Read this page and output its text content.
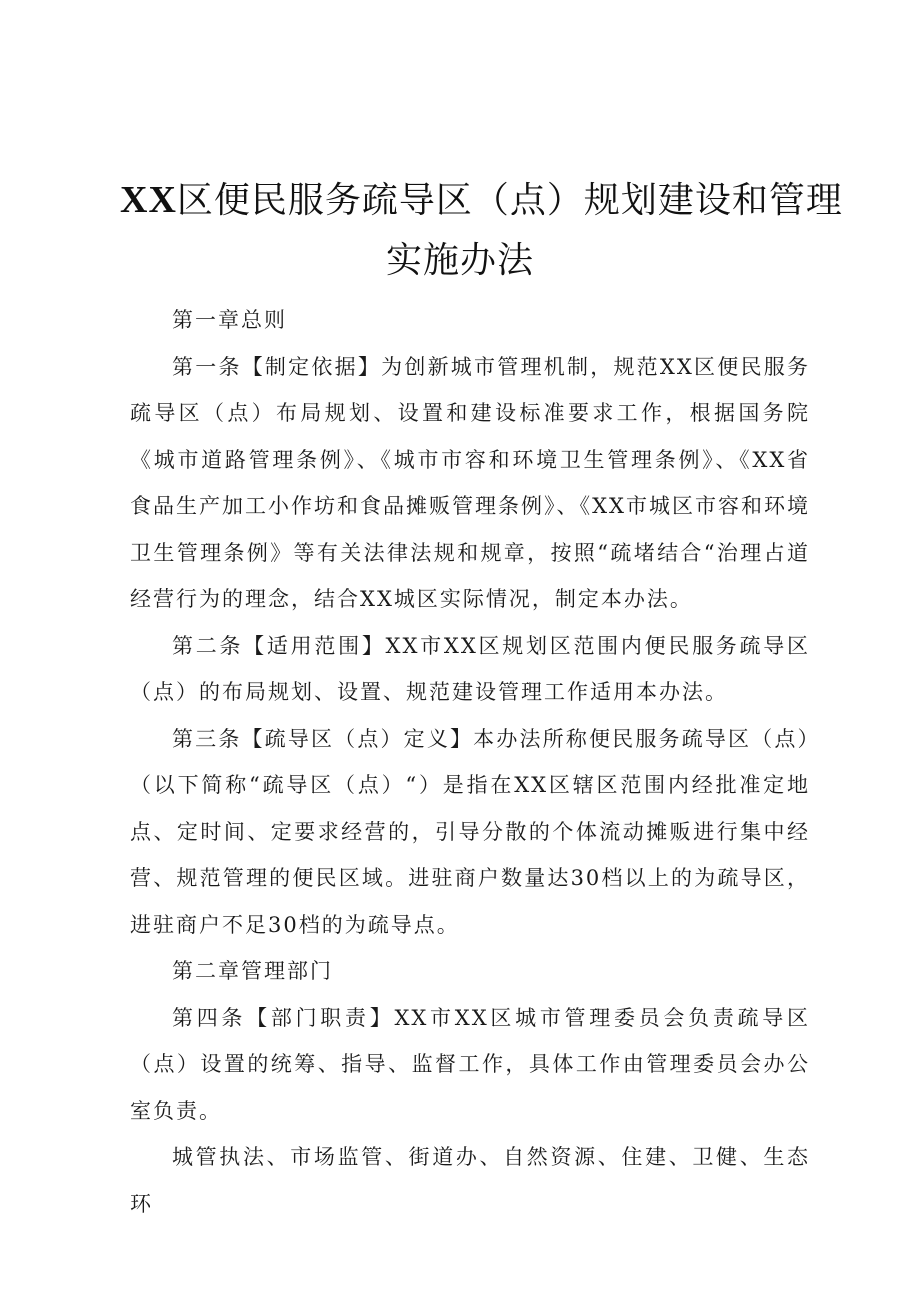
XX区便民服务疏导区（点）规划建设和管理
实施办法

第一章总则

第一条【制定依据】为创新城市管理机制，规范XX区便民服务疏导区（点）布局规划、设置和建设标准要求工作，根据国务院《城市道路管理条例》、《城市市容和环境卫生管理条例》、《XX省食品生产加工小作坊和食品摊贩管理条例》、《XX市城区市容和环境卫生管理条例》等有关法律法规和规章，按照“疏堵结合“治理占道经营行为的理念，结合XX城区实际情况，制定本办法。

第二条【适用范围】XX市XX区规划区范围内便民服务疏导区（点）的布局规划、设置、规范建设管理工作适用本办法。

第三条【疏导区（点）定义】本办法所称便民服务疏导区（点）（以下简称“疏导区（点）“）是指在XX区辖区范围内经批准定地点、定时间、定要求经营的，引导分散的个体流动摊贩进行集中经营、规范管理的便民区域。进驻商户数量达30档以上的为疏导区，进驻商户不足30档的为疏导点。

第二章管理部门

第四条【部门职责】XX市XX区城市管理委员会负责疏导区（点）设置的统筹、指导、监督工作，具体工作由管理委员会办公室负责。

城管执法、市场监管、街道办、自然资源、住建、卫健、生态环
